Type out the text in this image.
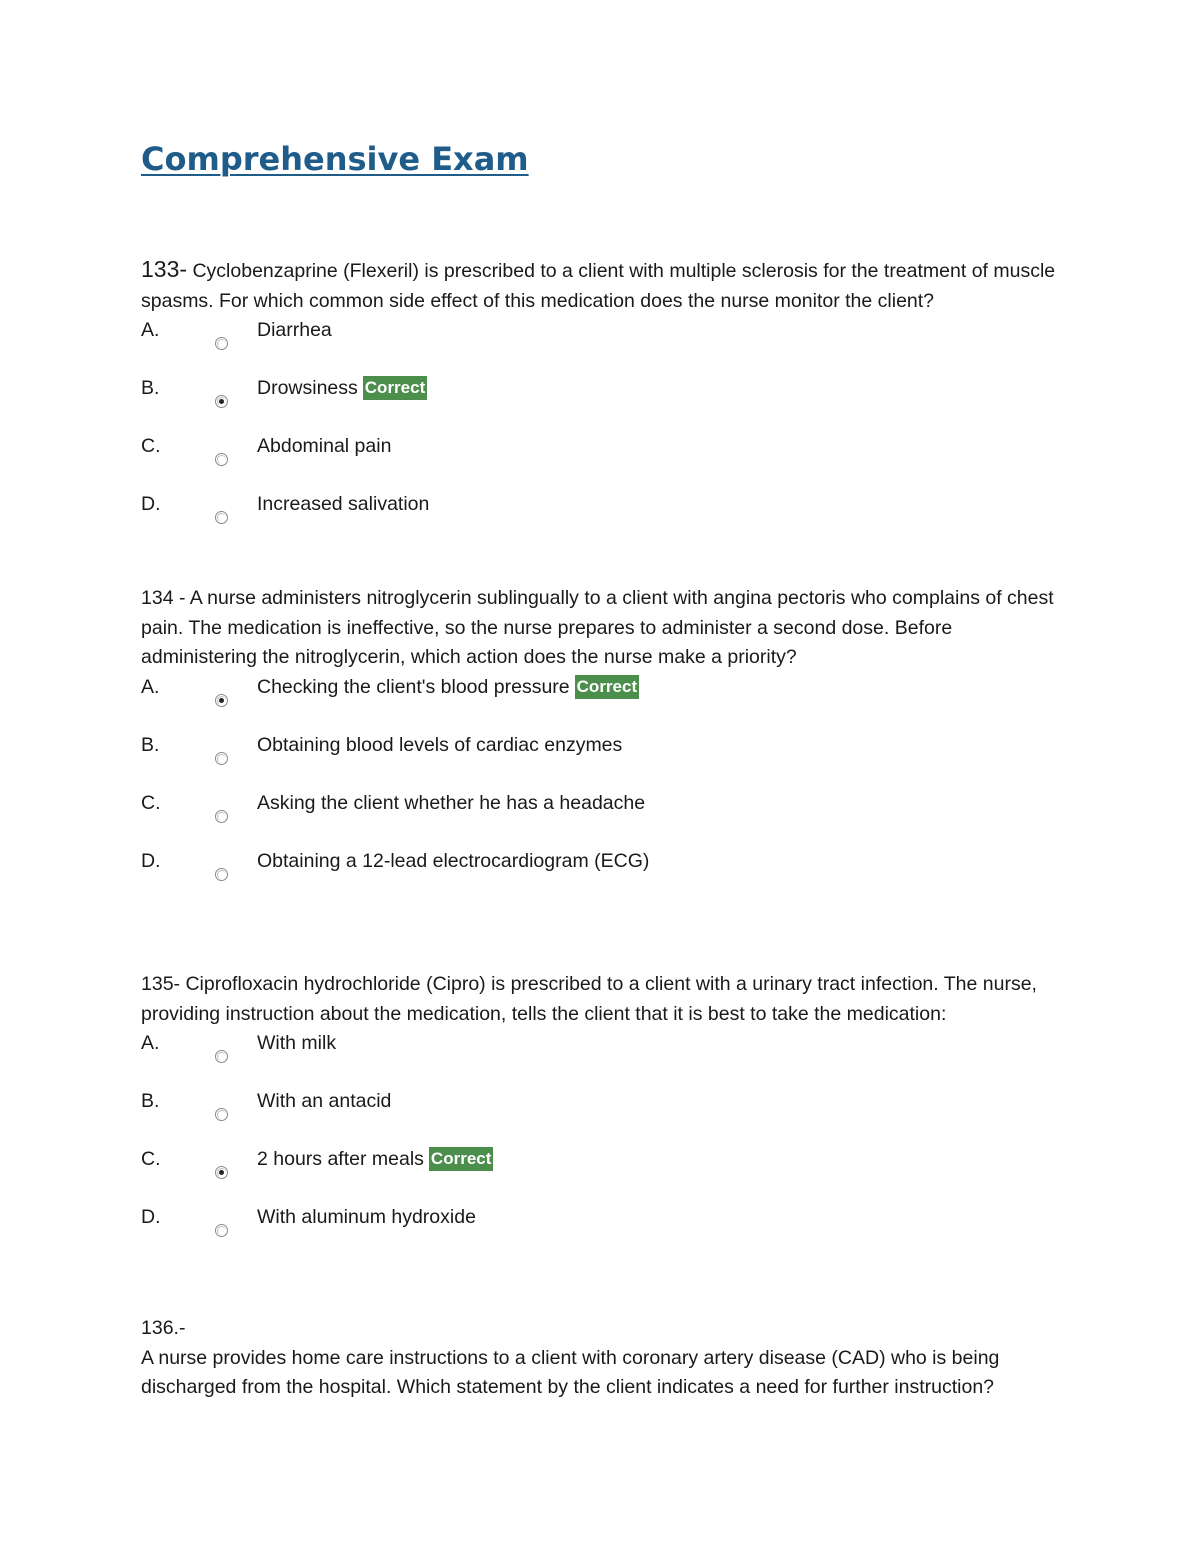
Comprehensive Exam

133- Cyclobenzaprine (Flexeril) is prescribed to a client with multiple sclerosis for the treatment of muscle spasms. For which common side effect of this medication does the nurse monitor the client?

A.	Diarrhea
B.	Drowsiness Correct
C.	Abdominal pain
D.	Increased salivation

134 - A nurse administers nitroglycerin sublingually to a client with angina pectoris who complains of chest pain. The medication is ineffective, so the nurse prepares to administer a second dose. Before administering the nitroglycerin, which action does the nurse make a priority?

A.	Checking the client's blood pressure Correct
B.	Obtaining blood levels of cardiac enzymes
C.	Asking the client whether he has a headache
D.	Obtaining a 12-lead electrocardiogram (ECG)

135- Ciprofloxacin hydrochloride (Cipro) is prescribed to a client with a urinary tract infection. The nurse, providing instruction about the medication, tells the client that it is best to take the medication:

A.	With milk
B.	With an antacid
C.	2 hours after meals Correct
D.	With aluminum hydroxide

136.-

A nurse provides home care instructions to a client with coronary artery disease (CAD) who is being discharged from the hospital. Which statement by the client indicates a need for further instruction?
